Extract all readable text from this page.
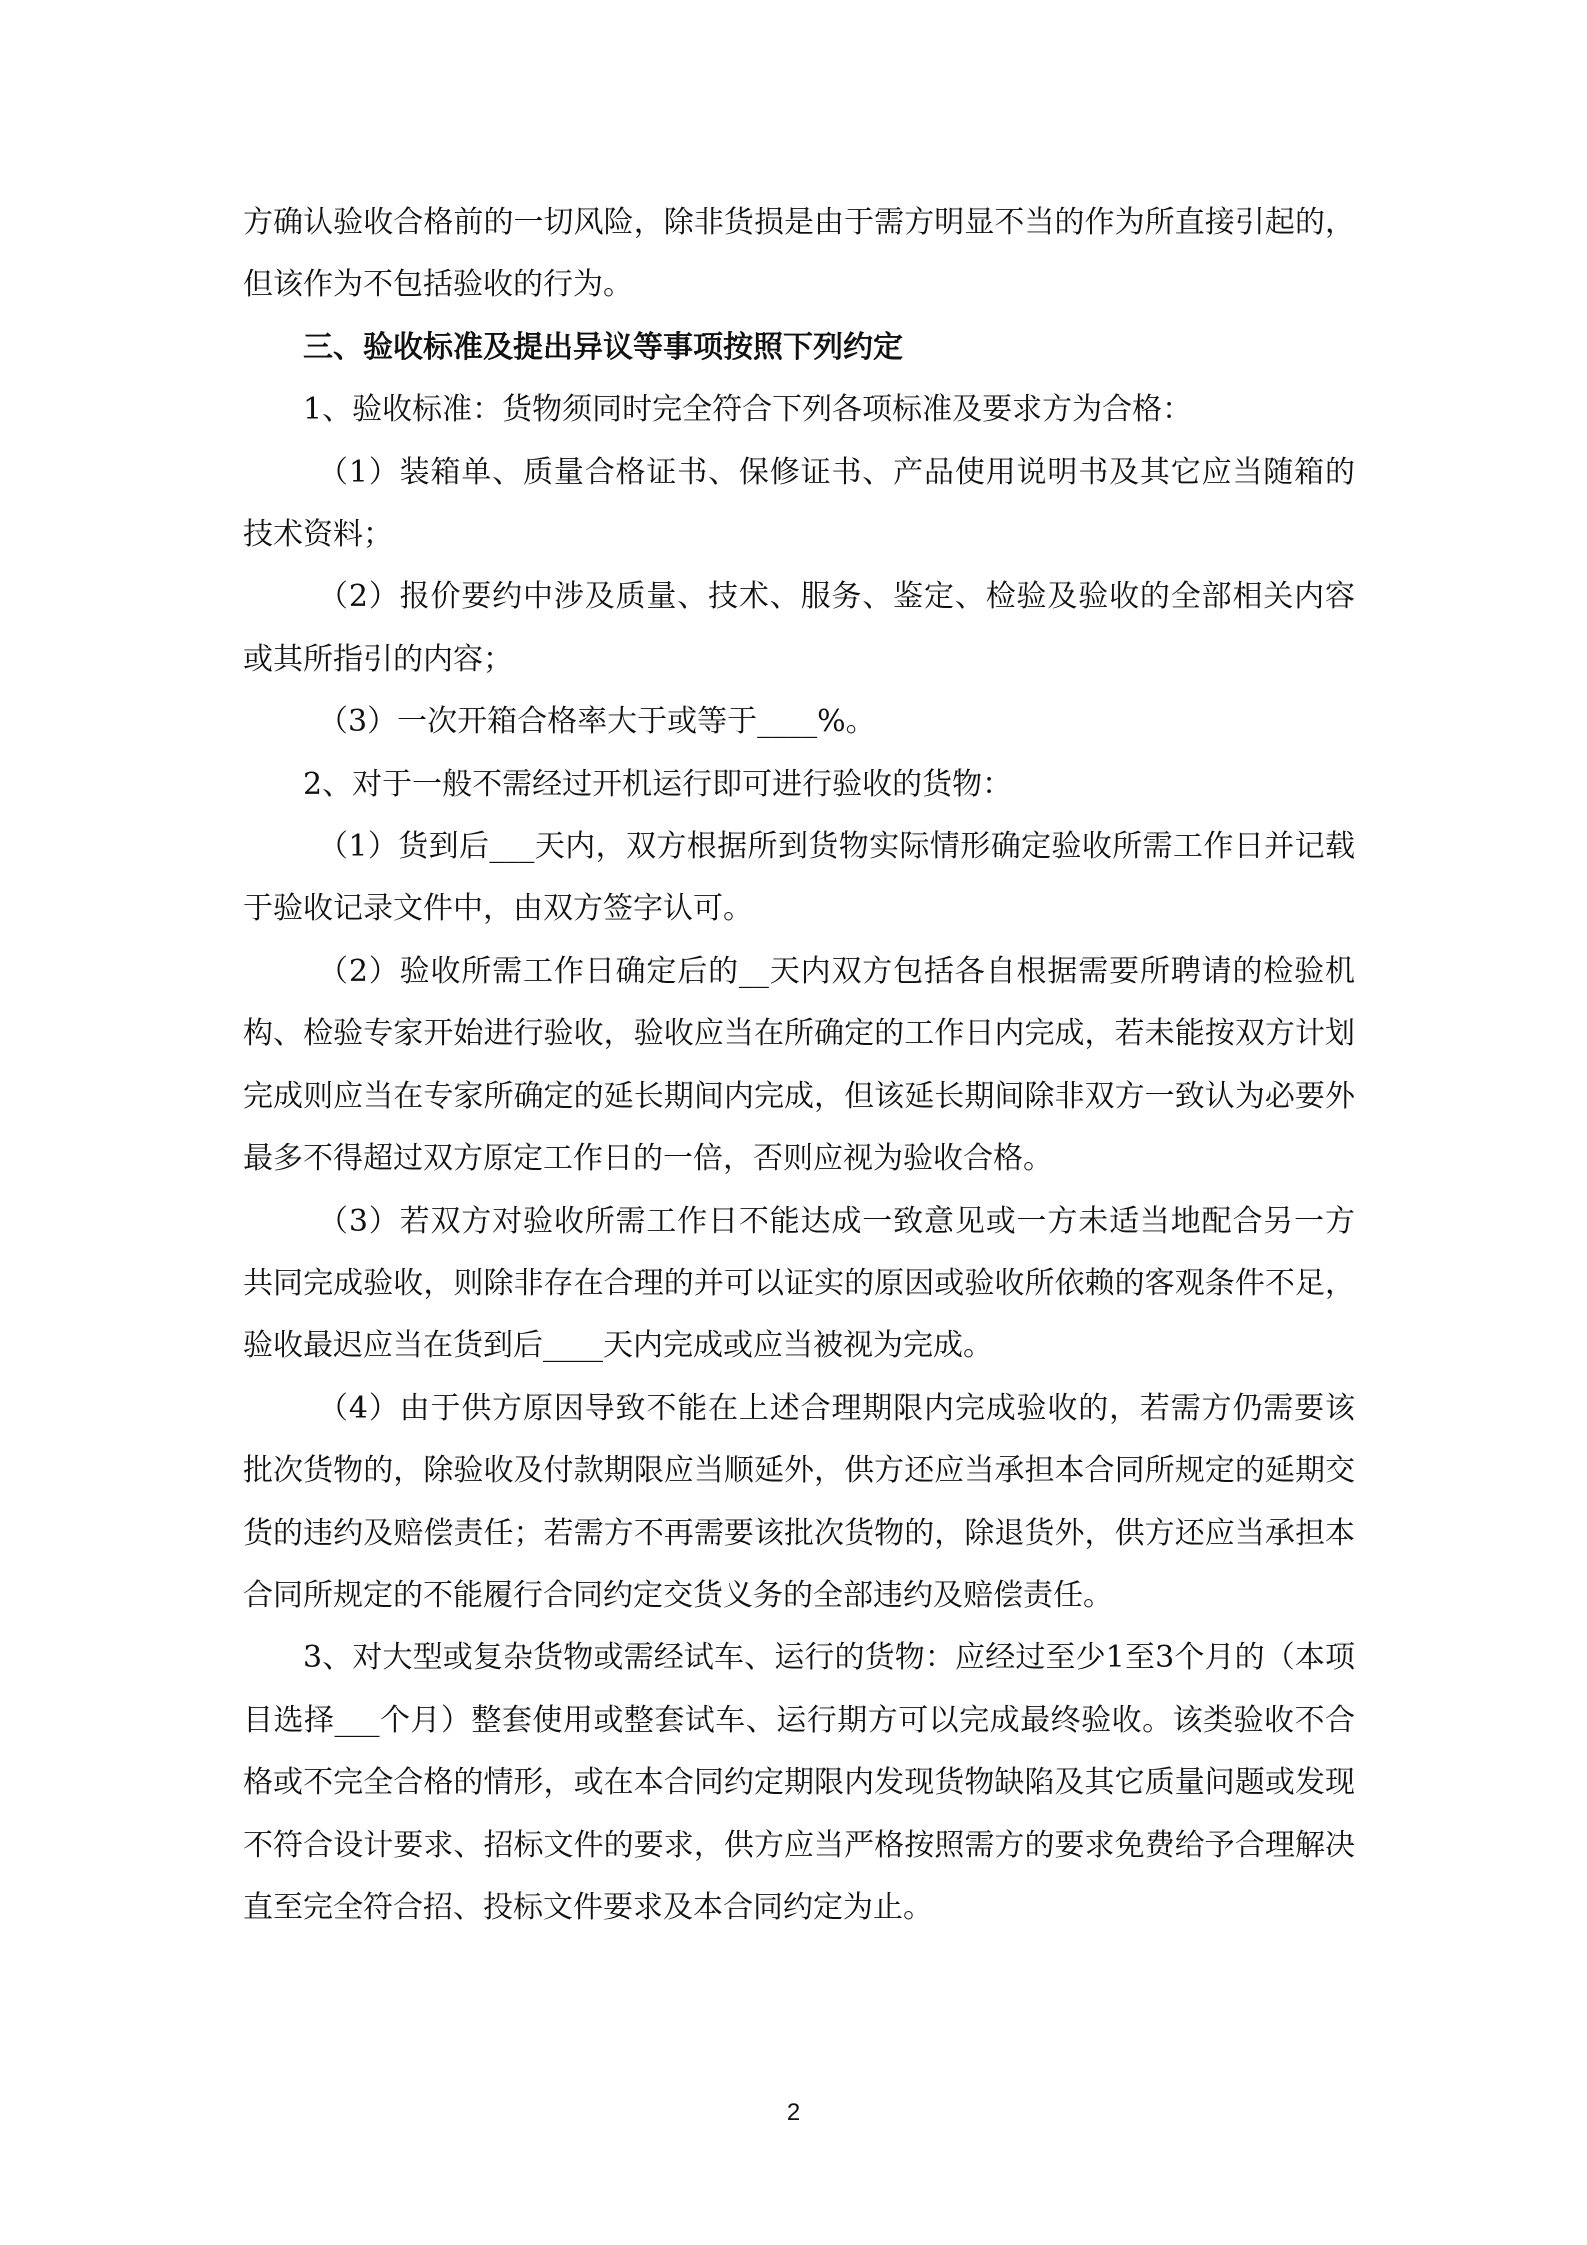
方确认验收合格前的一切风险，除非货损是由于需方明显不当的作为所直接引起的，但该作为不包括验收的行为。

三、验收标准及提出异议等事项按照下列约定

1、验收标准：货物须同时完全符合下列各项标准及要求方为合格：

（1）装箱单、质量合格证书、保修证书、产品使用说明书及其它应当随箱的技术资料；

（2）报价要约中涉及质量、技术、服务、鉴定、检验及验收的全部相关内容或其所指引的内容；

（3）一次开箱合格率大于或等于____%。

2、对于一般不需经过开机运行即可进行验收的货物：

（1）货到后___天内，双方根据所到货物实际情形确定验收所需工作日并记载于验收记录文件中，由双方签字认可。

（2）验收所需工作日确定后的__天内双方包括各自根据需要所聘请的检验机构、检验专家开始进行验收，验收应当在所确定的工作日内完成，若未能按双方计划完成则应当在专家所确定的延长期间内完成，但该延长期间除非双方一致认为必要外最多不得超过双方原定工作日的一倍，否则应视为验收合格。

（3）若双方对验收所需工作日不能达成一致意见或一方未适当地配合另一方共同完成验收，则除非存在合理的并可以证实的原因或验收所依赖的客观条件不足，验收最迟应当在货到后____天内完成或应当被视为完成。

（4）由于供方原因导致不能在上述合理期限内完成验收的，若需方仍需要该批次货物的，除验收及付款期限应当顺延外，供方还应当承担本合同所规定的延期交货的违约及赔偿责任；若需方不再需要该批次货物的，除退货外，供方还应当承担本合同所规定的不能履行合同约定交货义务的全部违约及赔偿责任。

3、对大型或复杂货物或需经试车、运行的货物：应经过至少1至3个月的（本项目选择___个月）整套使用或整套试车、运行期方可以完成最终验收。该类验收不合格或不完全合格的情形，或在本合同约定期限内发现货物缺陷及其它质量问题或发现不符合设计要求、招标文件的要求，供方应当严格按照需方的要求免费给予合理解决直至完全符合招、投标文件要求及本合同约定为止。

2
